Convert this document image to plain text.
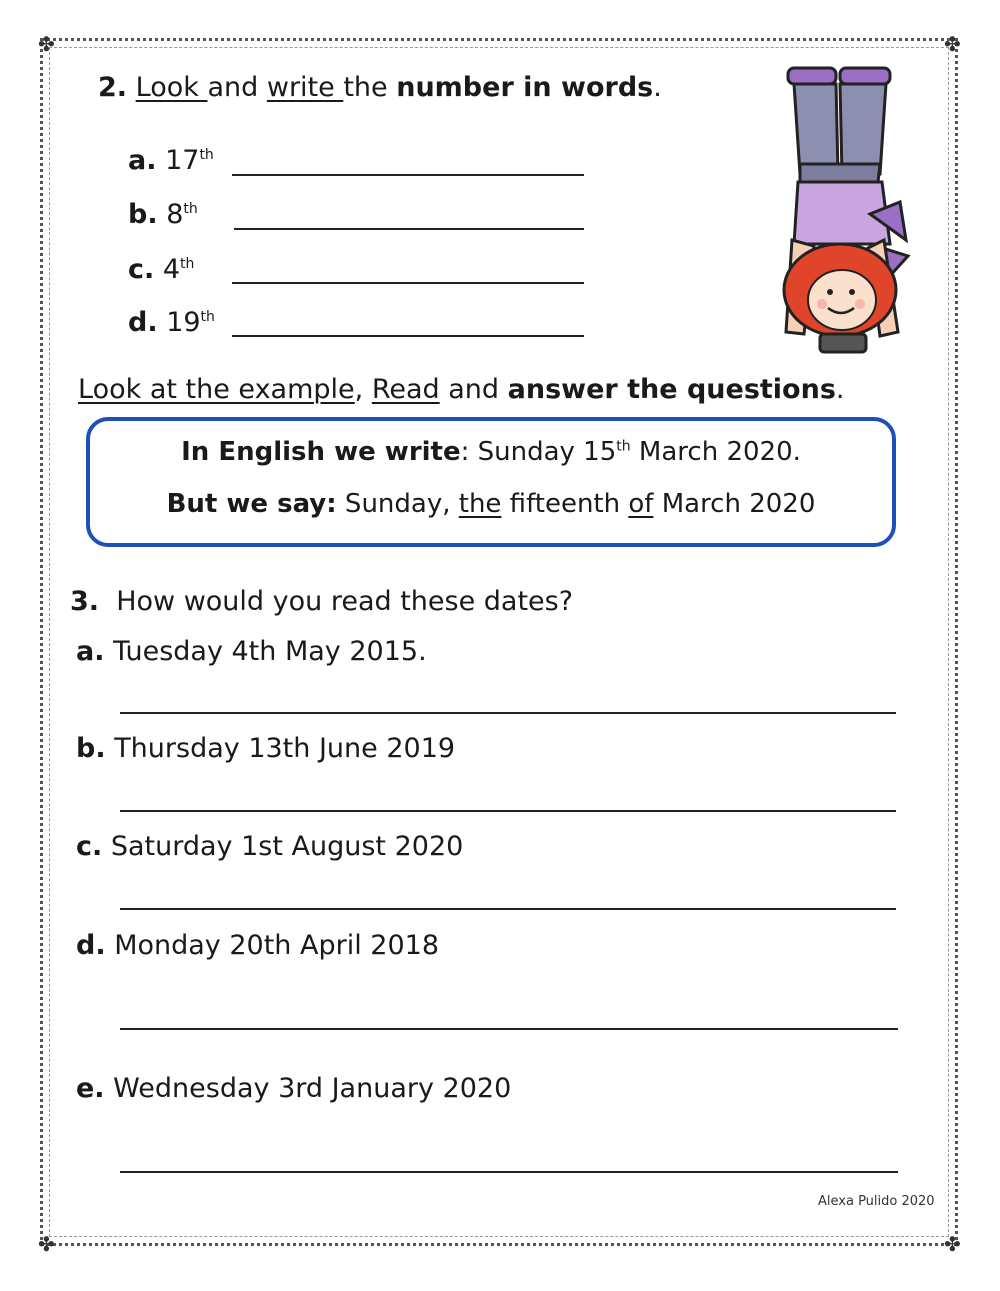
✤	✤
✤	✤
2. Look and write the number in words.
a. 17th
b. 8th
c. 4th
d. 19th
Look at the example, Read and answer the questions.
In English we write: Sunday 15th March 2020.
But we say: Sunday, the fifteenth of March 2020
3. How would you read these dates?
a. Tuesday 4th May 2015.
b. Thursday 13th June 2019
c. Saturday 1st August 2020
d. Monday 20th April 2018
e. Wednesday 3rd January 2020
Alexa Pulido 2020
